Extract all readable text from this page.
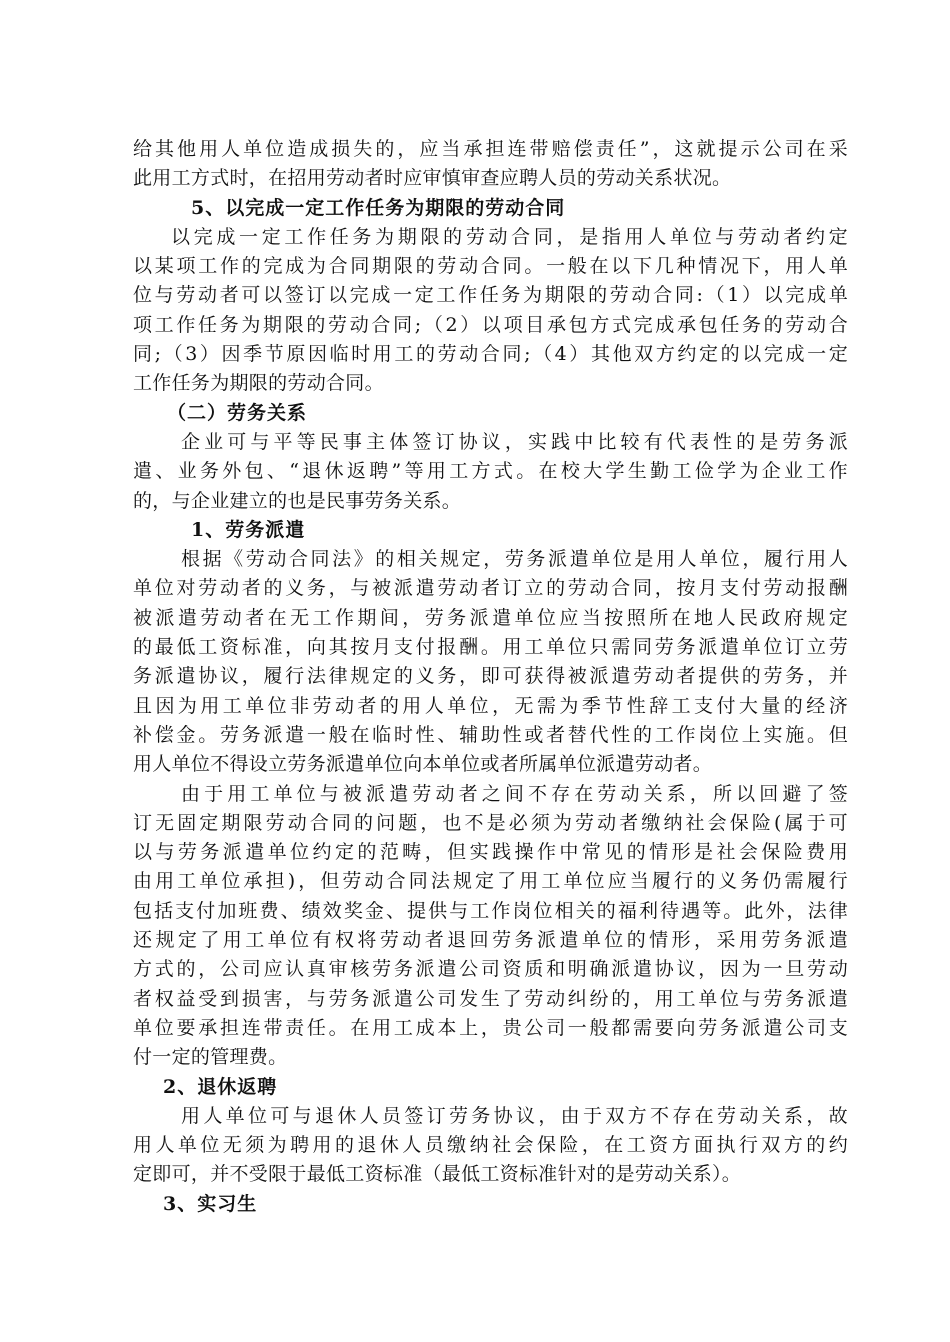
给其他用人单位造成损失的，应当承担连带赔偿责任”，这就提示公司在采
此用工方式时，在招用劳动者时应审慎审查应聘人员的劳动关系状况。
5、以完成一定工作任务为期限的劳动合同
以完成一定工作任务为期限的劳动合同，是指用人单位与劳动者约定
以某项工作的完成为合同期限的劳动合同。一般在以下几种情况下，用人单
位与劳动者可以签订以完成一定工作任务为期限的劳动合同:（1）以完成单
项工作任务为期限的劳动合同;（2）以项目承包方式完成承包任务的劳动合
同;（3）因季节原因临时用工的劳动合同;（4）其他双方约定的以完成一定
工作任务为期限的劳动合同。
（二）劳务关系
企业可与平等民事主体签订协议，实践中比较有代表性的是劳务派
遣、业务外包、“退休返聘”等用工方式。在校大学生勤工俭学为企业工作
的，与企业建立的也是民事劳务关系。
1、劳务派遣
根据《劳动合同法》的相关规定，劳务派遣单位是用人单位，履行用人
单位对劳动者的义务，与被派遣劳动者订立的劳动合同，按月支付劳动报酬
被派遣劳动者在无工作期间，劳务派遣单位应当按照所在地人民政府规定
的最低工资标准，向其按月支付报酬。用工单位只需同劳务派遣单位订立劳
务派遣协议，履行法律规定的义务，即可获得被派遣劳动者提供的劳务，并
且因为用工单位非劳动者的用人单位，无需为季节性辞工支付大量的经济
补偿金。劳务派遣一般在临时性、辅助性或者替代性的工作岗位上实施。但
用人单位不得设立劳务派遣单位向本单位或者所属单位派遣劳动者。
由于用工单位与被派遣劳动者之间不存在劳动关系，所以回避了签
订无固定期限劳动合同的问题，也不是必须为劳动者缴纳社会保险(属于可
以与劳务派遣单位约定的范畴，但实践操作中常见的情形是社会保险费用
由用工单位承担)，但劳动合同法规定了用工单位应当履行的义务仍需履行
包括支付加班费、绩效奖金、提供与工作岗位相关的福利待遇等。此外，法律
还规定了用工单位有权将劳动者退回劳务派遣单位的情形，采用劳务派遣
方式的，公司应认真审核劳务派遣公司资质和明确派遣协议，因为一旦劳动
者权益受到损害，与劳务派遣公司发生了劳动纠纷的，用工单位与劳务派遣
单位要承担连带责任。在用工成本上，贵公司一般都需要向劳务派遣公司支
付一定的管理费。
2、退休返聘
用人单位可与退休人员签订劳务协议，由于双方不存在劳动关系，故
用人单位无须为聘用的退休人员缴纳社会保险，在工资方面执行双方的约
定即可，并不受限于最低工资标准（最低工资标准针对的是劳动关系）。
3、实习生
